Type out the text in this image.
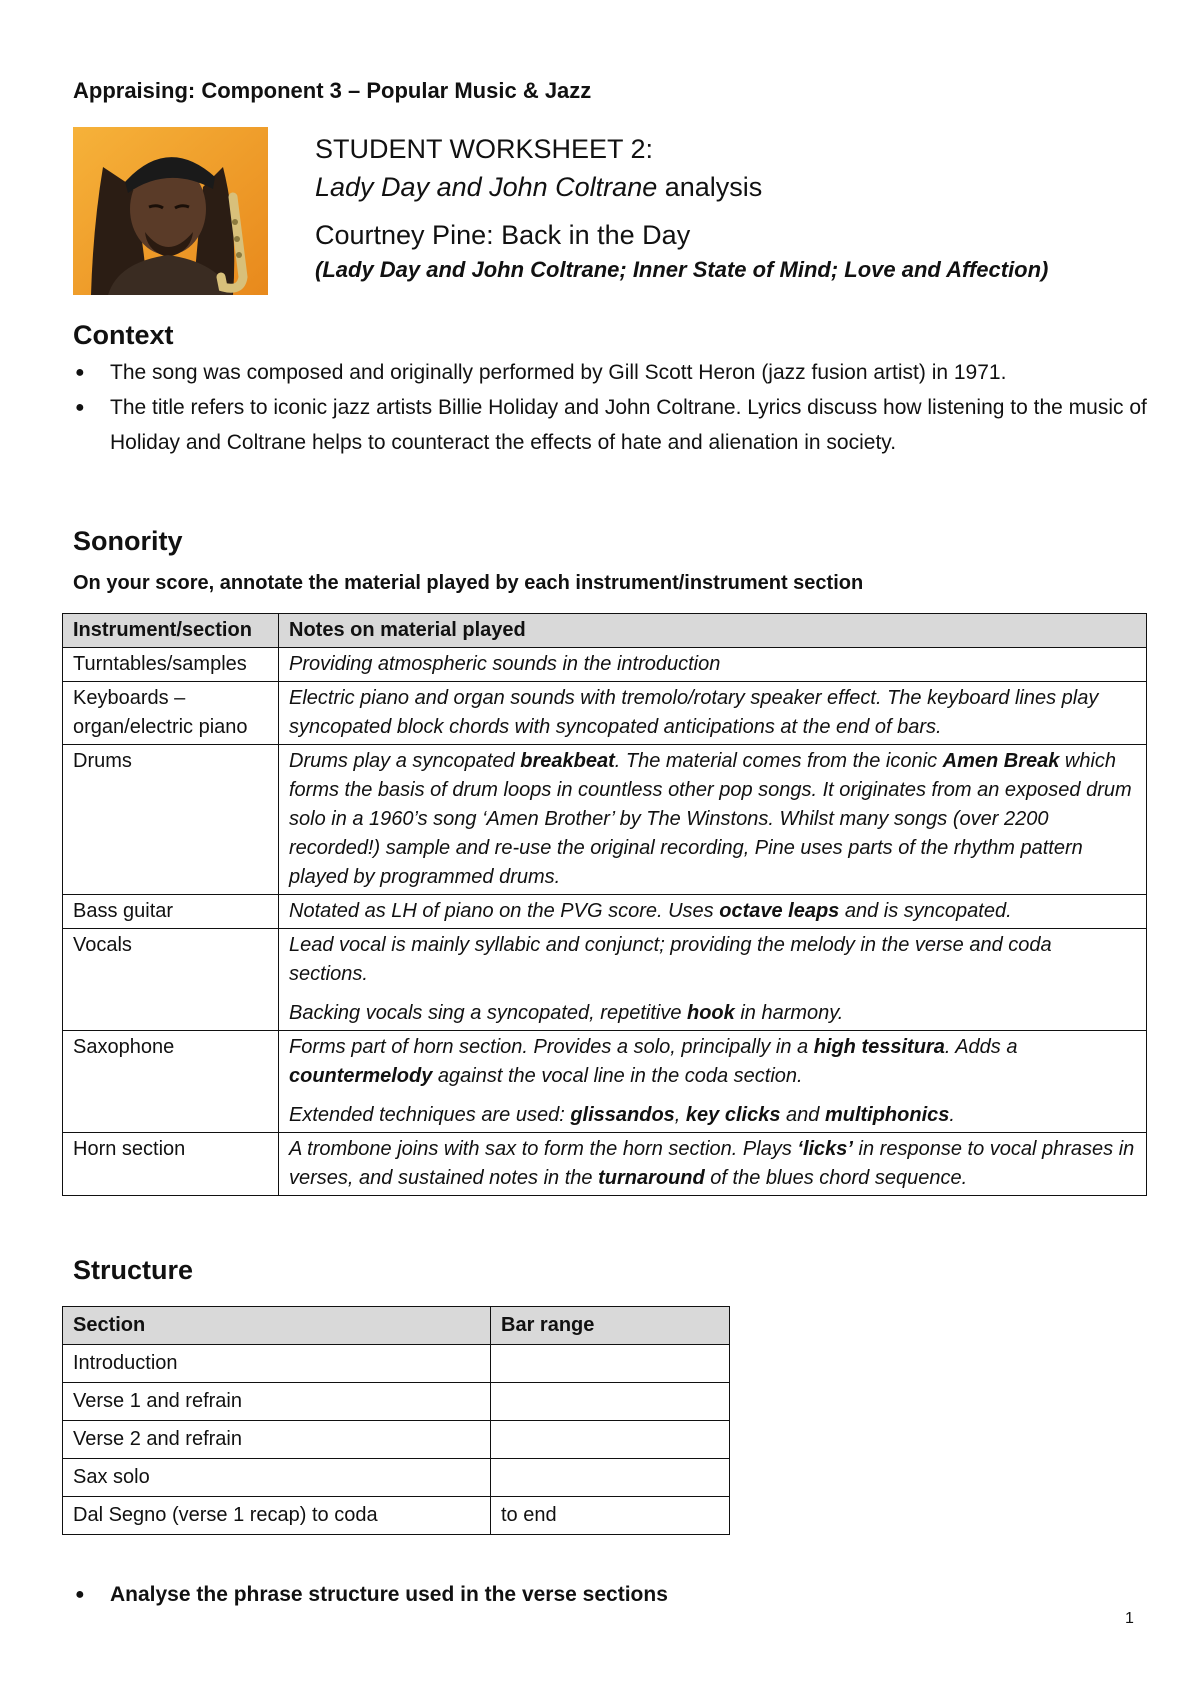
Appraising: Component 3 – Popular Music & Jazz
STUDENT WORKSHEET 2:
Lady Day and John Coltrane analysis
Courtney Pine: Back in the Day
(Lady Day and John Coltrane; Inner State of Mind; Love and Affection)
Context
● The song was composed and originally performed by Gill Scott Heron (jazz fusion artist) in 1971.
● The title refers to iconic jazz artists Billie Holiday and John Coltrane. Lyrics discuss how listening to the music of Holiday and Coltrane helps to counteract the effects of hate and alienation in society.
Sonority
On your score, annotate the material played by each instrument/instrument section
Instrument/section	Notes on material played
Turntables/samples	Providing atmospheric sounds in the introduction

Keyboards – organ/electric piano	Electric piano and organ sounds with tremolo/rotary speaker effect. The keyboard lines play syncopated block chords with syncopated anticipations at the end of bars.

Drums	Drums play a syncopated breakbeat. The material comes from the iconic Amen Break which forms the basis of drum loops in countless other pop songs. It originates from an exposed drum solo in a 1960’s song ‘Amen Brother’ by The Winstons. Whilst many songs (over 2200 recorded!) sample and re-use the original recording, Pine uses parts of the rhythm pattern played by programmed drums.

Bass guitar	Notated as LH of piano on the PVG score. Uses octave leaps and is syncopated.

Vocals	Lead vocal is mainly syllabic and conjunct; providing the melody in the verse and coda sections.

Backing vocals sing a syncopated, repetitive hook in harmony.

Saxophone	Forms part of horn section. Provides a solo, principally in a high tessitura. Adds a countermelody against the vocal line in the coda section.

Extended techniques are used: glissandos, key clicks and multiphonics.

Horn section	A trombone joins with sax to form the horn section. Plays ‘licks’ in response to vocal phrases in verses, and sustained notes in the turnaround of the blues chord sequence.

Structure
Section	Bar range
Introduction	
Verse 1 and refrain	
Verse 2 and refrain	
Sax solo	
Dal Segno (verse 1 recap) to coda	to end
● Analyse the phrase structure used in the verse sections
1
